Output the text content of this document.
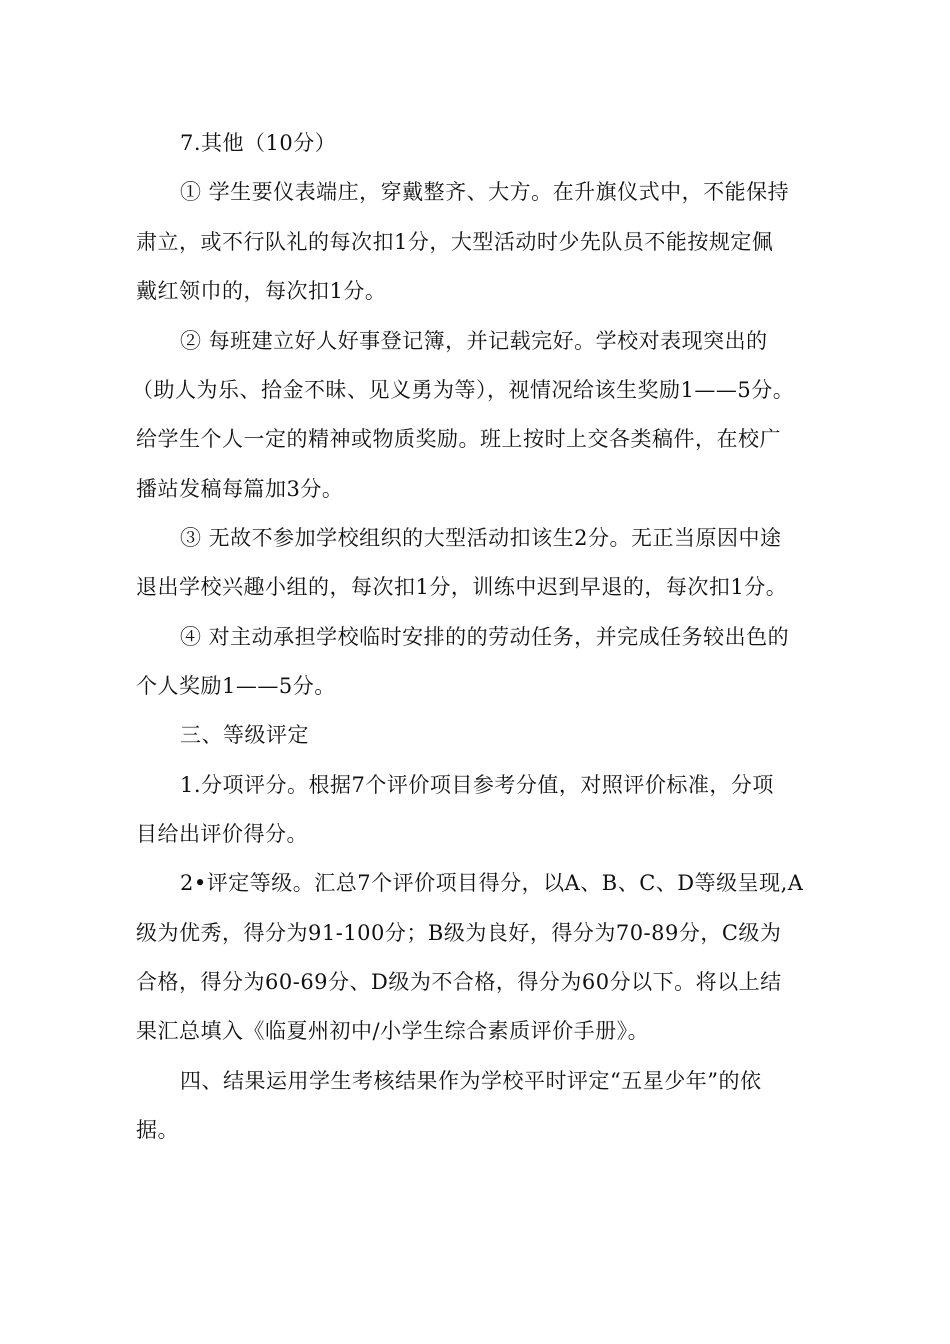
7.其他（10分）
① 学生要仪表端庄，穿戴整齐、大方。在升旗仪式中，不能保持
肃立，或不行队礼的每次扣1分，大型活动时少先队员不能按规定佩
戴红领巾的，每次扣1分。
② 每班建立好人好事登记簿，并记载完好。学校对表现突出的
（助人为乐、拾金不昧、见义勇为等），视情况给该生奖励1——5分。
给学生个人一定的精神或物质奖励。班上按时上交各类稿件，在校广
播站发稿每篇加3分。
③ 无故不参加学校组织的大型活动扣该生2分。无正当原因中途
退出学校兴趣小组的，每次扣1分，训练中迟到早退的，每次扣1分。
④ 对主动承担学校临时安排的的劳动任务，并完成任务较出色的
个人奖励1——5分。
三、等级评定
1.分项评分。根据7个评价项目参考分值，对照评价标准，分项
目给出评价得分。
2•评定等级。汇总7个评价项目得分，以A、B、C、D等级呈现,A
级为优秀，得分为91-100分；B级为良好，得分为70-89分，C级为
合格，得分为60-69分、D级为不合格，得分为60分以下。将以上结
果汇总填入《临夏州初中/小学生综合素质评价手册》。
四、结果运用学生考核结果作为学校平时评定“五星少年”的依
据。
